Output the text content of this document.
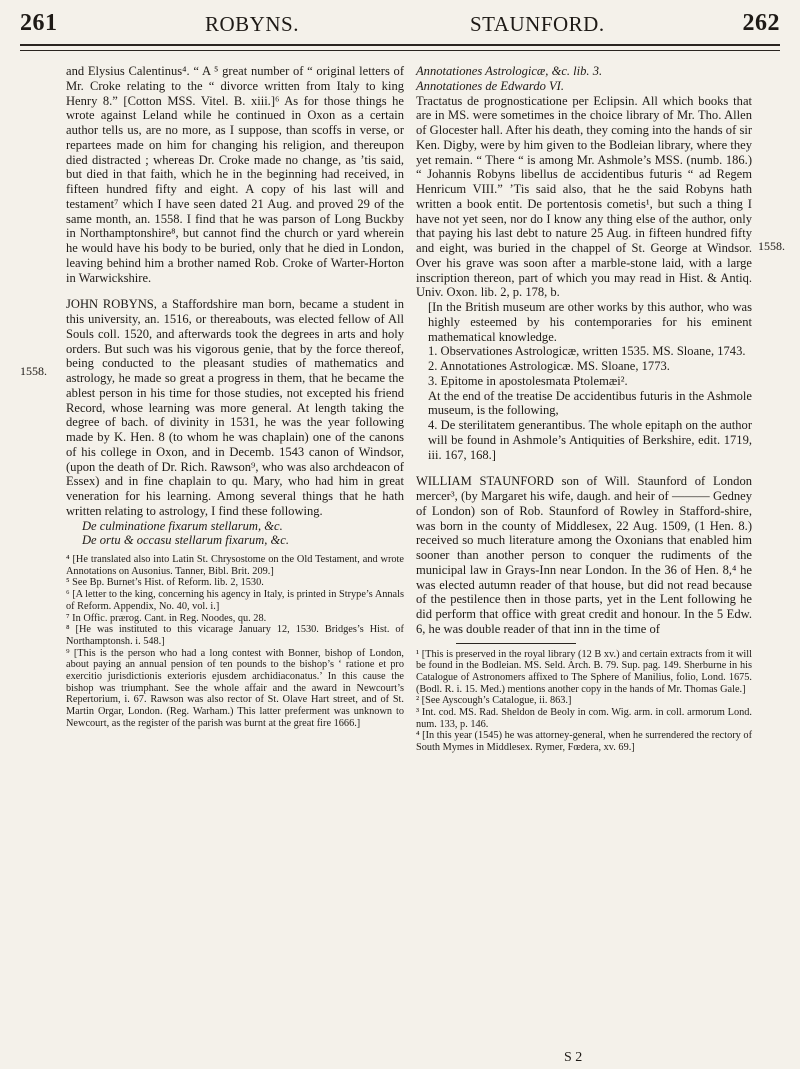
261	ROBYNS.	STAUNFORD.	262
1558.
1558.

and Elysius Calentinus⁴. “ A ⁵ great number of “ original letters of Mr. Croke relating to the “ divorce written from Italy to king Henry 8.” [Cotton MSS. Vitel. B. xiii.]⁶ As for those things he wrote against Leland while he continued in Oxon as a certain author tells us, are no more, as I suppose, than scoffs in verse, or repartees made on him for changing his religion, and thereupon died distracted ; whereas Dr. Croke made no change, as ’tis said, but died in that faith, which he in the beginning had received, in fifteen hundred fifty and eight. A copy of his last will and testament⁷ which I have seen dated 21 Aug. and proved 29 of the same month, an. 1558. I find that he was parson of Long Buckby in Northamptonshire⁸, but cannot find the church or yard wherein he would have his body to be buried, only that he died in London, leaving behind him a brother named Rob. Croke of Warter-Horton in Warwickshire.

JOHN ROBYNS, a Staffordshire man born, became a student in this university, an. 1516, or thereabouts, was elected fellow of All Souls coll. 1520, and afterwards took the degrees in arts and holy orders. But such was his vigorous genie, that by the force thereof, being conducted to the pleasant studies of mathematics and astrology, he made so great a progress in them, that he became the ablest person in his time for those studies, not excepted his friend Record, whose learning was more general. At length taking the degree of bach. of divinity in 1531, he was the year following made by K. Hen. 8 (to whom he was chaplain) one of the canons of his college in Oxon, and in Decemb. 1543 canon of Windsor, (upon the death of Dr. Rich. Rawson⁹, who was also archdeacon of Essex) and in fine chaplain to qu. Mary, who had him in great veneration for his learning. Among several things that he hath written relating to astrology, I find these following.

De culminatione fixarum stellarum, &c.

De ortu & occasu stellarum fixarum, &c.

⁴ [He translated also into Latin St. Chrysostome on the Old Testament, and wrote Annotations on Ausonius. Tanner, Bibl. Brit. 209.]

⁵ See Bp. Burnet’s Hist. of Reform. lib. 2, 1530.

⁶ [A letter to the king, concerning his agency in Italy, is printed in Strype’s Annals of Reform. Appendix, No. 40, vol. i.]

⁷ In Offic. prærog. Cant. in Reg. Noodes, qu. 28.

⁸ [He was instituted to this vicarage January 12, 1530. Bridges’s Hist. of Northamptonsh. i. 548.]

⁹ [This is the person who had a long contest with Bonner, bishop of London, about paying an annual pension of ten pounds to the bishop’s ‘ ratione et pro exercitio jurisdictionis exterioris ejusdem archidiaconatus.’ In this cause the bishop was triumphant. See the whole affair and the award in Newcourt’s Repertorium, i. 67. Rawson was also rector of St. Olave Hart street, and of St. Martin Orgar, London. (Reg. Warham.) This latter preferment was unknown to Newcourt, as the register of the parish was burnt at the great fire 1666.]

Annotationes Astrologicæ, &c. lib. 3.

Annotationes de Edwardo VI.

Tractatus de prognosticatione per Eclipsin. All which books that are in MS. were sometimes in the choice library of Mr. Tho. Allen of Glocester hall. After his death, they coming into the hands of sir Ken. Digby, were by him given to the Bodleian library, where they yet remain. “ There “ is among Mr. Ashmole’s MSS. (numb. 186.) “ Johannis Robyns libellus de accidentibus futuris “ ad Regem Henricum VIII.” ’Tis said also, that he the said Robyns hath written a book entit. De portentosis cometis¹, but such a thing I have not yet seen, nor do I know any thing else of the author, only that paying his last debt to nature 25 Aug. in fifteen hundred fifty and eight, was buried in the chappel of St. George at Windsor. Over his grave was soon after a marble-stone laid, with a large inscription thereon, part of which you may read in Hist. & Antiq. Univ. Oxon. lib. 2, p. 178, b.

[In the British museum are other works by this author, who was highly esteemed by his contemporaries for his eminent mathematical knowledge.

1. Observationes Astrologicæ, written 1535. MS. Sloane, 1743.

2. Annotationes Astrologicæ. MS. Sloane, 1773.

3. Epitome in apostolesmata Ptolemæi².

At the end of the treatise De accidentibus futuris in the Ashmole museum, is the following,

4. De sterilitatem generantibus. The whole epitaph on the author will be found in Ashmole’s Antiquities of Berkshire, edit. 1719, iii. 167, 168.]

WILLIAM STAUNFORD son of Will. Staunford of London mercer³, (by Margaret his wife, daugh. and heir of ——— Gedney of London) son of Rob. Staunford of Rowley in Stafford-shire, was born in the county of Middlesex, 22 Aug. 1509, (1 Hen. 8.) received so much literature among the Oxonians that enabled him sooner than another person to conquer the rudiments of the municipal law in Grays-Inn near London. In the 36 of Hen. 8,⁴ he was elected autumn reader of that house, but did not read because of the pestilence then in those parts, yet in the Lent following he did perform that office with great credit and honour. In the 5 Edw. 6, he was double reader of that inn in the time of

¹ [This is preserved in the royal library (12 B xv.) and certain extracts from it will be found in the Bodleian. MS. Seld. Arch. B. 79. Sup. pag. 149. Sherburne in his Catalogue of Astronomers affixed to The Sphere of Manilius, folio, Lond. 1675. (Bodl. R. i. 15. Med.) mentions another copy in the hands of Mr. Thomas Gale.]

² [See Ayscough’s Catalogue, ii. 863.]

³ Int. cod. MS. Rad. Sheldon de Beoly in com. Wig. arm. in coll. armorum Lond. num. 133, p. 146.

⁴ [In this year (1545) he was attorney-general, when he surrendered the rectory of South Mymes in Middlesex. Rymer, Fœdera, xv. 69.]

S 2
